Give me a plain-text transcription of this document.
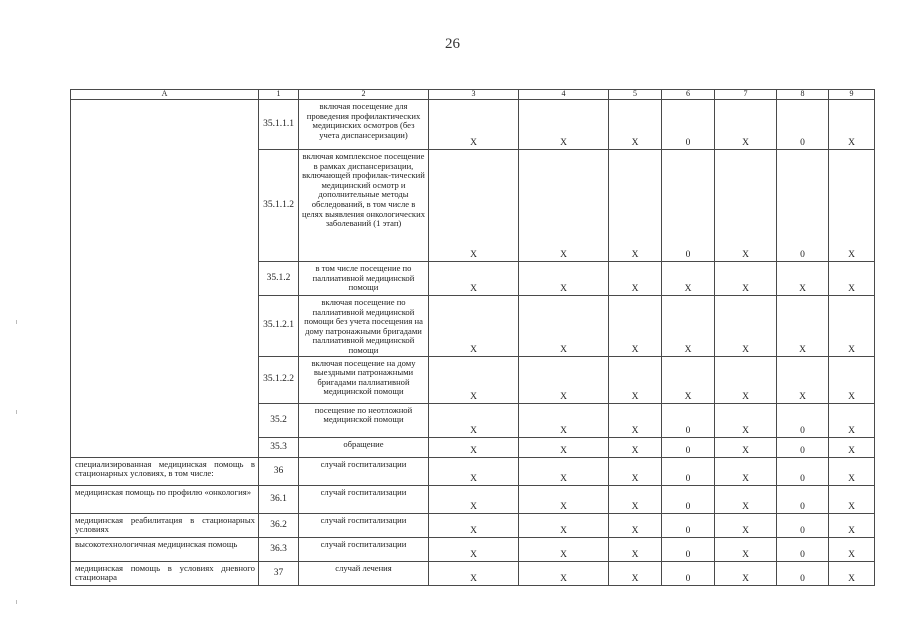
26
А	1	2	3	4	5	6	7	8	9
	35.1.1.1	включая посещение для проведения профилактических медицинских осмотров (без учета диспансеризации)	Х	Х	Х	0	Х	0	Х
	35.1.1.2	включая комплексное посещение в рамках диспансеризации, включающей профилак-тический медицинский осмотр и дополнительные методы обследований, в том числе в целях выявления онкологических заболеваний (1 этап)	Х	Х	Х	0	Х	0	Х
	35.1.2	в том числе посещение по паллиативной медицинской помощи	Х	Х	Х	Х	Х	Х	Х
	35.1.2.1	включая посещение по паллиативной медицинской помощи без учета посещения на дому патронажными бригадами паллиативной медицинской помощи	Х	Х	Х	Х	Х	Х	Х
	35.1.2.2	включая посещение на дому выездными патронажными бригадами паллиативной медицинской помощи	Х	Х	Х	Х	Х	Х	Х
	35.2	посещение по неотложной медицинской помощи	Х	Х	Х	0	Х	0	Х
	35.3	обращение	Х	Х	Х	0	Х	0	Х
специализированная медицинская помощь в стационарных условиях, в том числе:	36	случай госпитализации	Х	Х	Х	0	Х	0	Х
медицинская помощь по профилю «онкология»	36.1	случай госпитализации	Х	Х	Х	0	Х	0	Х
медицинская реабилитация в стационарных условиях	36.2	случай госпитализации	Х	Х	Х	0	Х	0	Х
высокотехнологичная медицинская помощь	36.3	случай госпитализации	Х	Х	Х	0	Х	0	Х
медицинская помощь в условиях дневного стационара	37	случай лечения	Х	Х	Х	0	Х	0	Х
